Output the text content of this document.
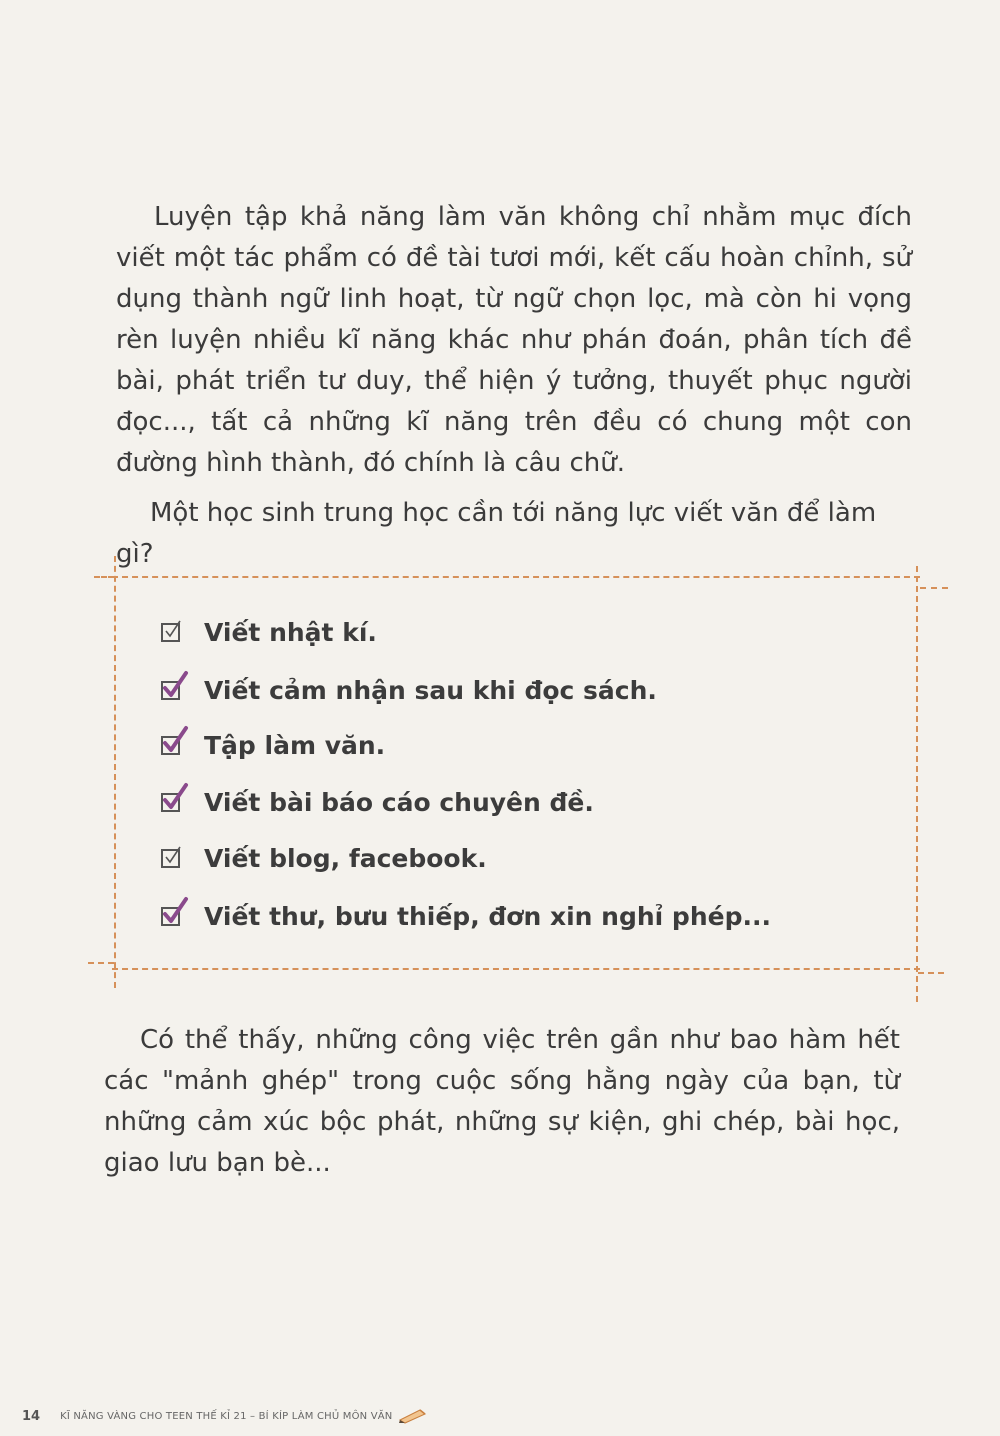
Luyện tập khả năng làm văn không chỉ nhằm mục đích viết một tác phẩm có đề tài tươi mới, kết cấu hoàn chỉnh, sử dụng thành ngữ linh hoạt, từ ngữ chọn lọc, mà còn hi vọng rèn luyện nhiều kĩ năng khác như phán đoán, phân tích đề bài, phát triển tư duy, thể hiện ý tưởng, thuyết phục người đọc..., tất cả những kĩ năng trên đều có chung một con đường hình thành, đó chính là câu chữ.

Một học sinh trung học cần tới năng lực viết văn để làm gì?

Viết nhật kí.
Viết cảm nhận sau khi đọc sách.
Tập làm văn.
Viết bài báo cáo chuyên đề.
Viết blog, facebook.
Viết thư, bưu thiếp, đơn xin nghỉ phép...

Có thể thấy, những công việc trên gần như bao hàm hết các "mảnh ghép" trong cuộc sống hằng ngày của bạn, từ những cảm xúc bộc phát, những sự kiện, ghi chép, bài học, giao lưu bạn bè...

14 KĨ NĂNG VÀNG CHO TEEN THẾ KỈ 21 – BÍ KÍP LÀM CHỦ MÔN VĂN
